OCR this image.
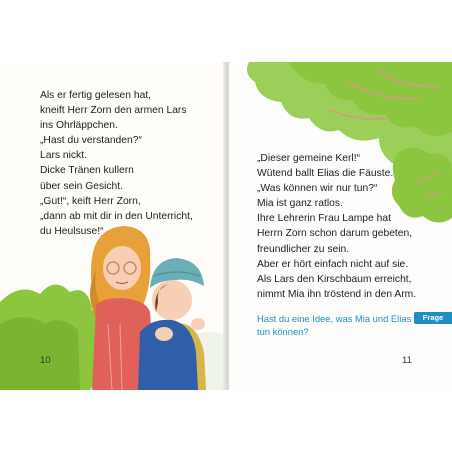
Als er fertig gelesen hat,
kneift Herr Zorn den armen Lars
ins Ohrläppchen.
„Hast du verstanden?“
Lars nickt.
Dicke Tränen kullern
über sein Gesicht.
„Gut!“, keift Herr Zorn,
„dann ab mit dir in den Unterricht,
du Heulsuse!“
10
„Dieser gemeine Kerl!“
Wütend ballt Elias die Fäuste.
„Was können wir nur tun?“
Mia ist ganz ratlos.
Ihre Lehrerin Frau Lampe hat
Herrn Zorn schon darum gebeten,
freundlicher zu sein.
Aber er hört einfach nicht auf sie.
Als Lars den Kirschbaum erreicht,
nimmt Mia ihn tröstend in den Arm.
Hast du eine Idee, was Mia und Elias
tun können?
Frage
11
